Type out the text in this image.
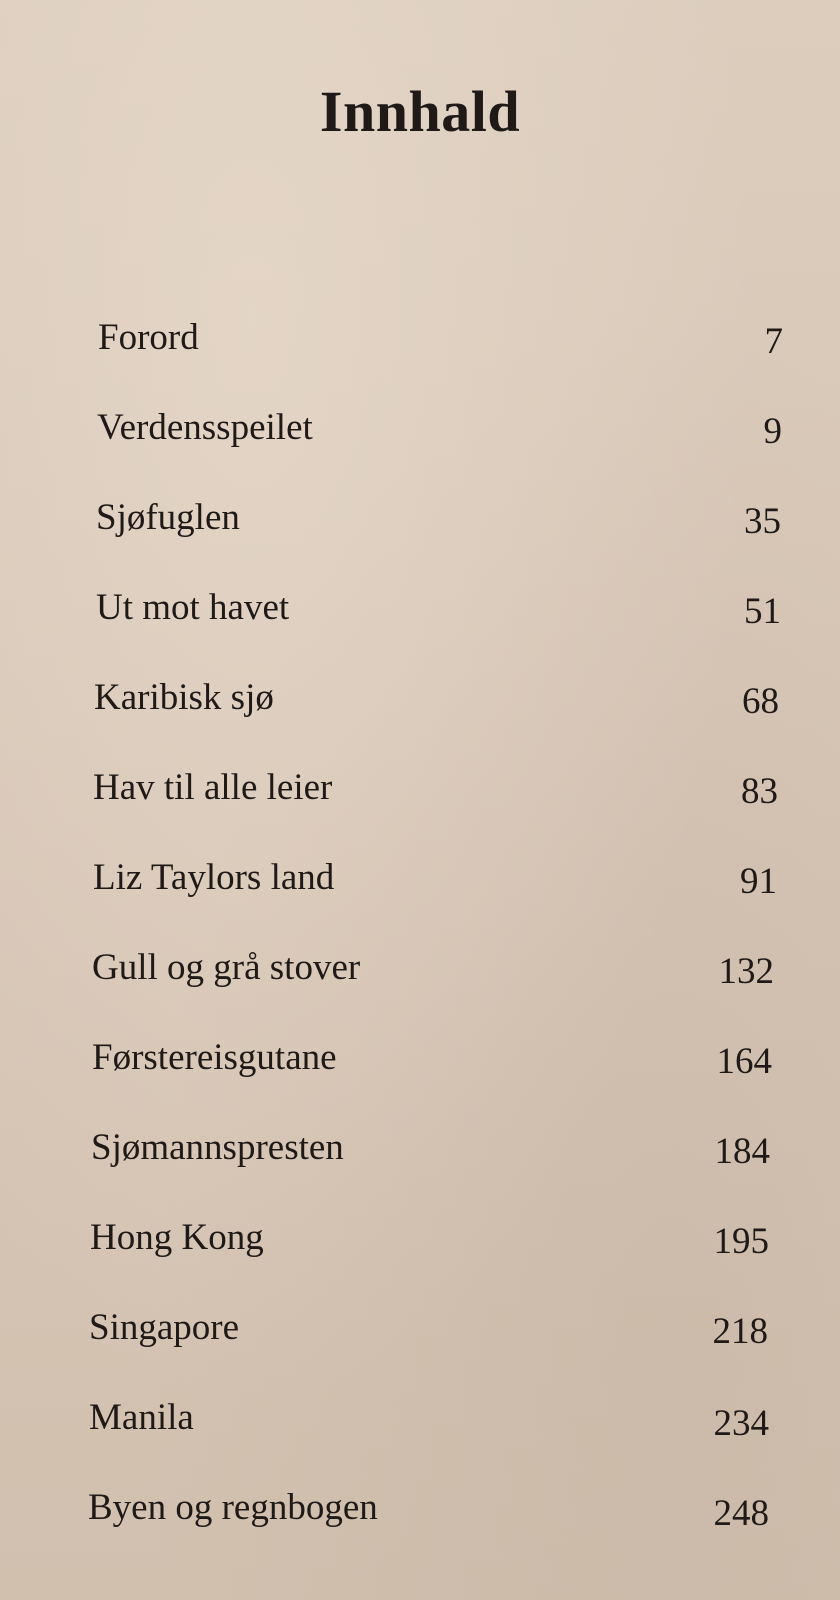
Innhald
Forord	7
Verdensspeilet	9
Sjøfuglen	35
Ut mot havet	51
Karibisk sjø	68
Hav til alle leier	83
Liz Taylors land	91
Gull og grå stover	132
Førstereisgutane	164
Sjømannspresten	184
Hong Kong	195
Singapore	218
Manila	234
Byen og regnbogen	248
